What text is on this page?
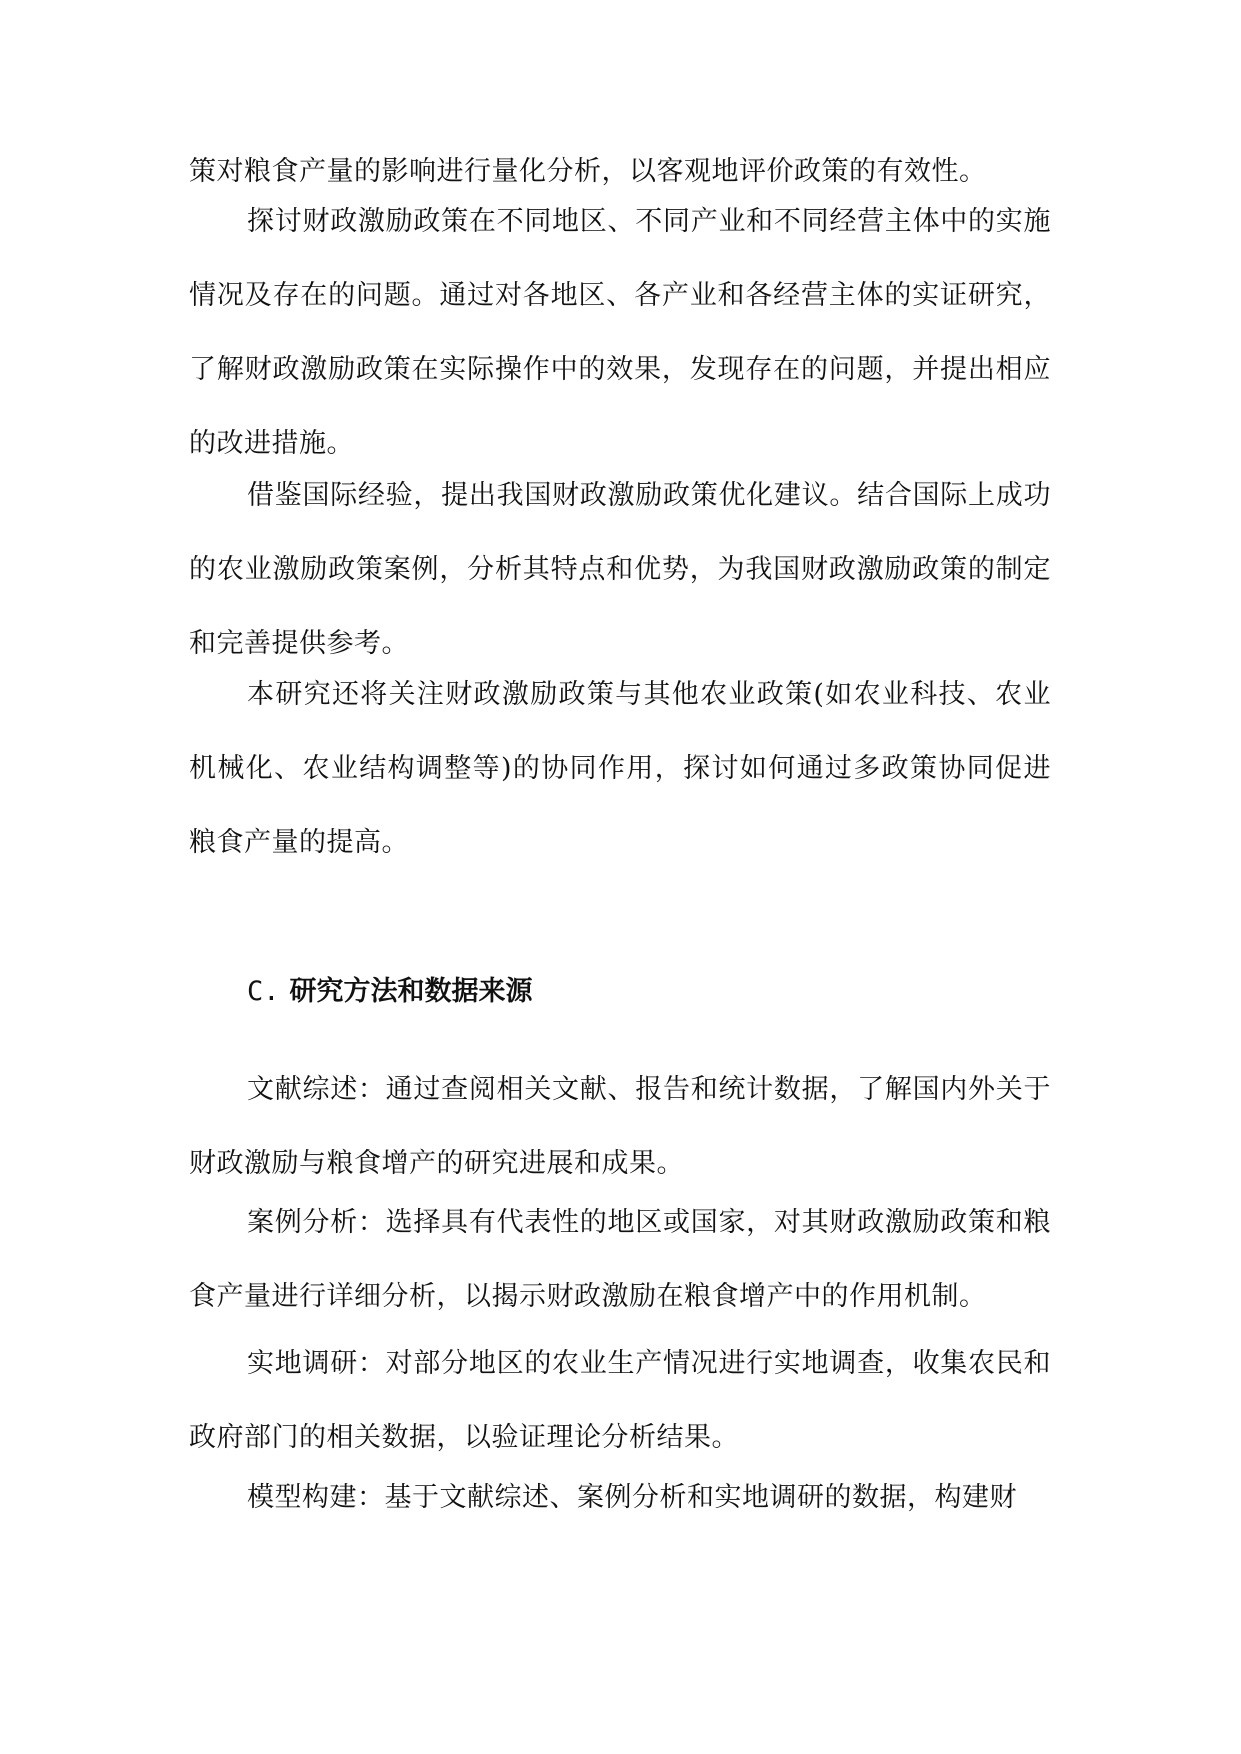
策对粮食产量的影响进行量化分析，以客观地评价政策的有效性。

探讨财政激励政策在不同地区、不同产业和不同经营主体中的实施情况及存在的问题。通过对各地区、各产业和各经营主体的实证研究，了解财政激励政策在实际操作中的效果，发现存在的问题，并提出相应的改进措施。

借鉴国际经验，提出我国财政激励政策优化建议。结合国际上成功的农业激励政策案例，分析其特点和优势，为我国财政激励政策的制定和完善提供参考。

本研究还将关注财政激励政策与其他农业政策(如农业科技、农业机械化、农业结构调整等)的协同作用，探讨如何通过多政策协同促进粮食产量的提高。

C. 研究方法和数据来源

文献综述：通过查阅相关文献、报告和统计数据，了解国内外关于财政激励与粮食增产的研究进展和成果。

案例分析：选择具有代表性的地区或国家，对其财政激励政策和粮食产量进行详细分析，以揭示财政激励在粮食增产中的作用机制。

实地调研：对部分地区的农业生产情况进行实地调查，收集农民和政府部门的相关数据，以验证理论分析结果。

模型构建：基于文献综述、案例分析和实地调研的数据，构建财
